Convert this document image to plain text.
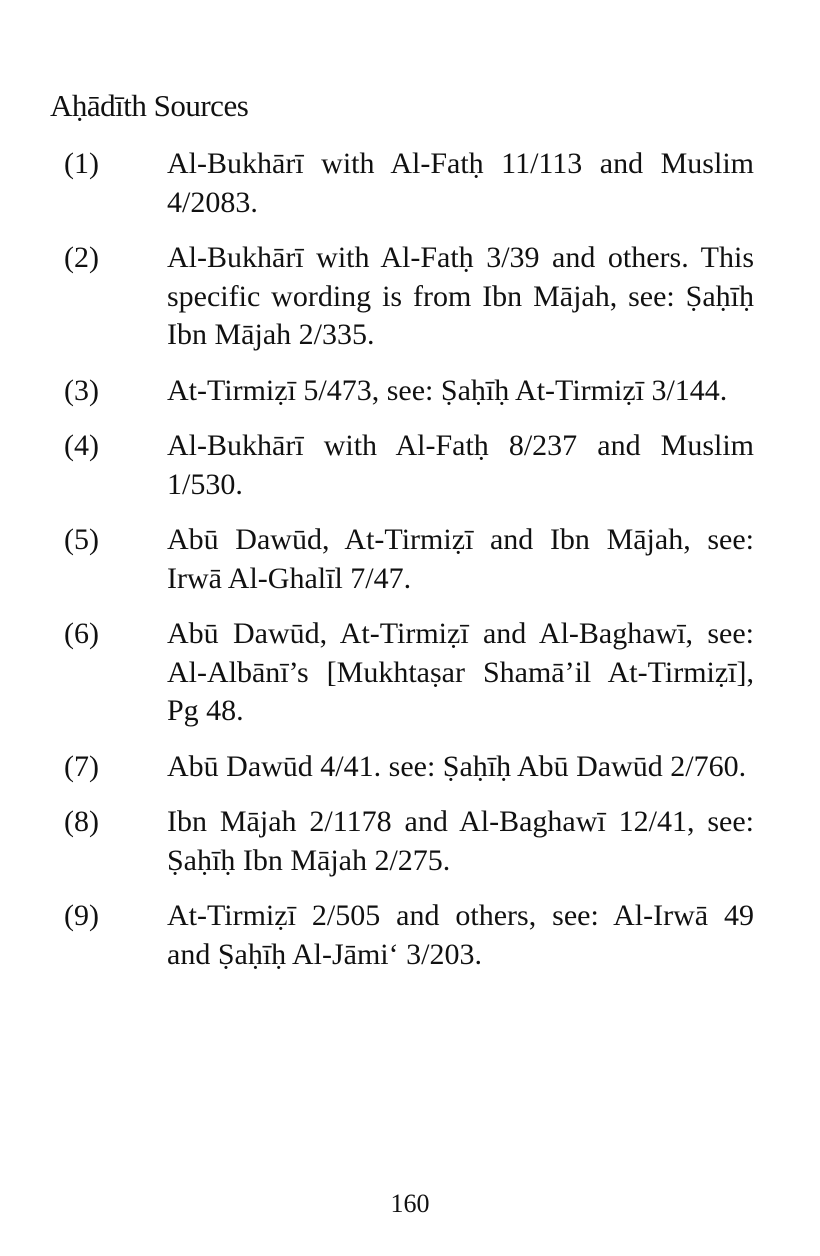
Aḥādīth Sources
(1)	Al-Bukhārī with Al-Fatḥ 11/113 and Muslim 4/2083.
(2)	Al-Bukhārī with Al-Fatḥ 3/39 and others. This specific wording is from Ibn Mājah, see: Ṣaḥīḥ Ibn Mājah 2/335.
(3)	At-Tirmiẓī 5/473, see: Ṣaḥīḥ At-Tirmiẓī 3/144.
(4)	Al-Bukhārī with Al-Fatḥ 8/237 and Muslim 1/530.
(5)	Abū Dawūd, At-Tirmiẓī and Ibn Mājah, see: Irwā Al-Ghalīl 7/47.
(6)	Abū Dawūd, At-Tirmiẓī and Al-Baghawī, see: Al-Albānī’s [Mukhtaṣar Shamā’il At-Tirmiẓī], Pg 48.
(7)	Abū Dawūd 4/41. see: Ṣaḥīḥ Abū Dawūd 2/760.
(8)	Ibn Mājah 2/1178 and Al-Baghawī 12/41, see: Ṣaḥīḥ Ibn Mājah 2/275.
(9)	At-Tirmiẓī 2/505 and others, see: Al-Irwā 49 and Ṣaḥīḥ Al-Jāmi‘ 3/203.
160
